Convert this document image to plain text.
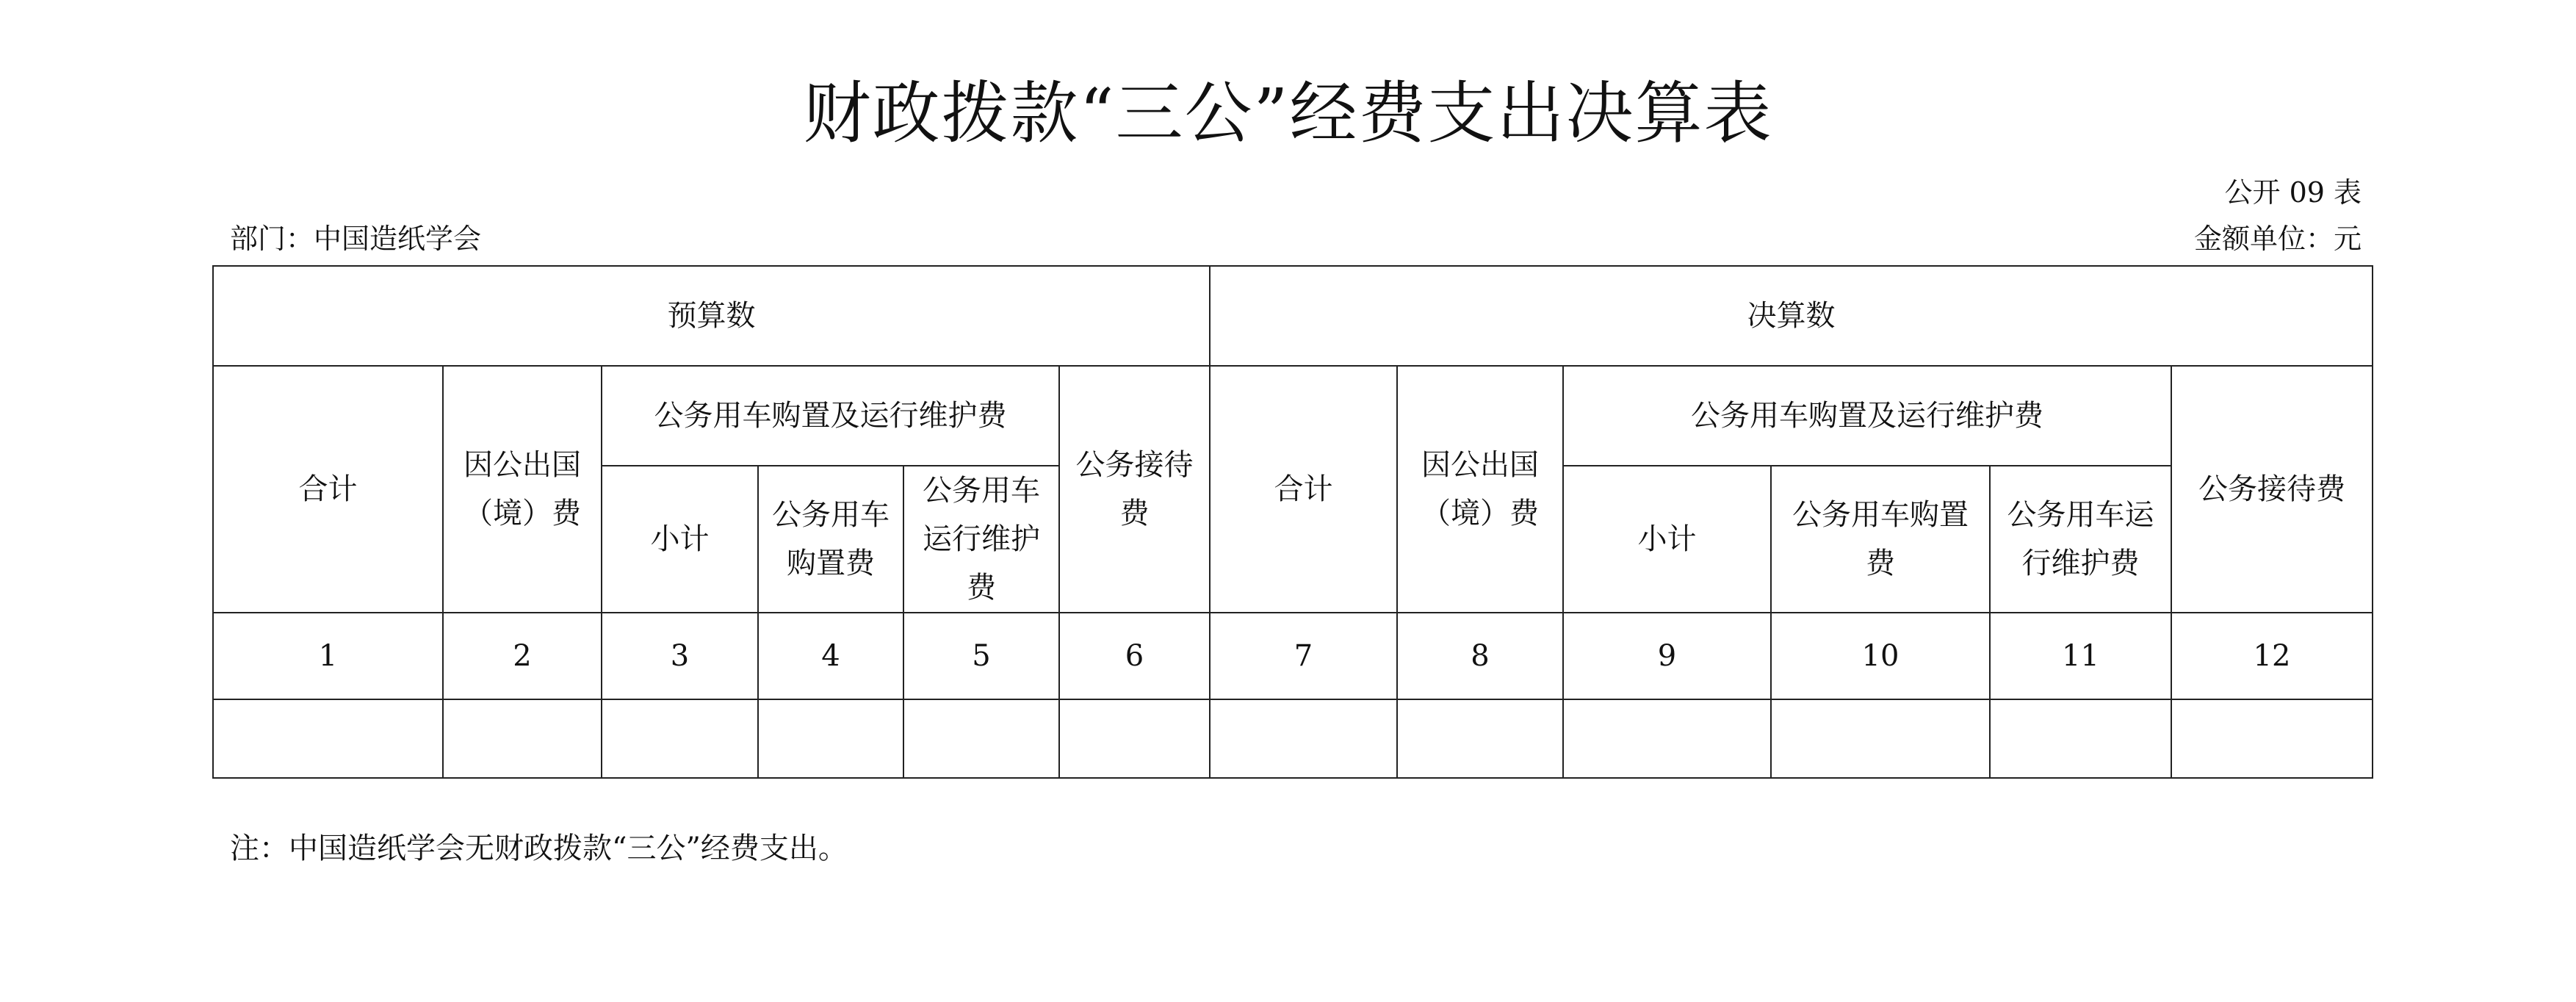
财政拨款“三公”经费支出决算表
公开 09 表
部门：中国造纸学会	金额单位：元
预算数						决算数					
合计	因公出国（境）费	公务用车购置及运行维护费			公务接待费	合计	因公出国（境）费	公务用车购置及运行维护费			公务接待费
		小计	公务用车购置费	公务用车运行维护费				小计	公务用车购置费	公务用车运行维护费	
1	2	3	4	5	6	7	8	9	10	11	12

注：中国造纸学会无财政拨款“三公”经费支出。
